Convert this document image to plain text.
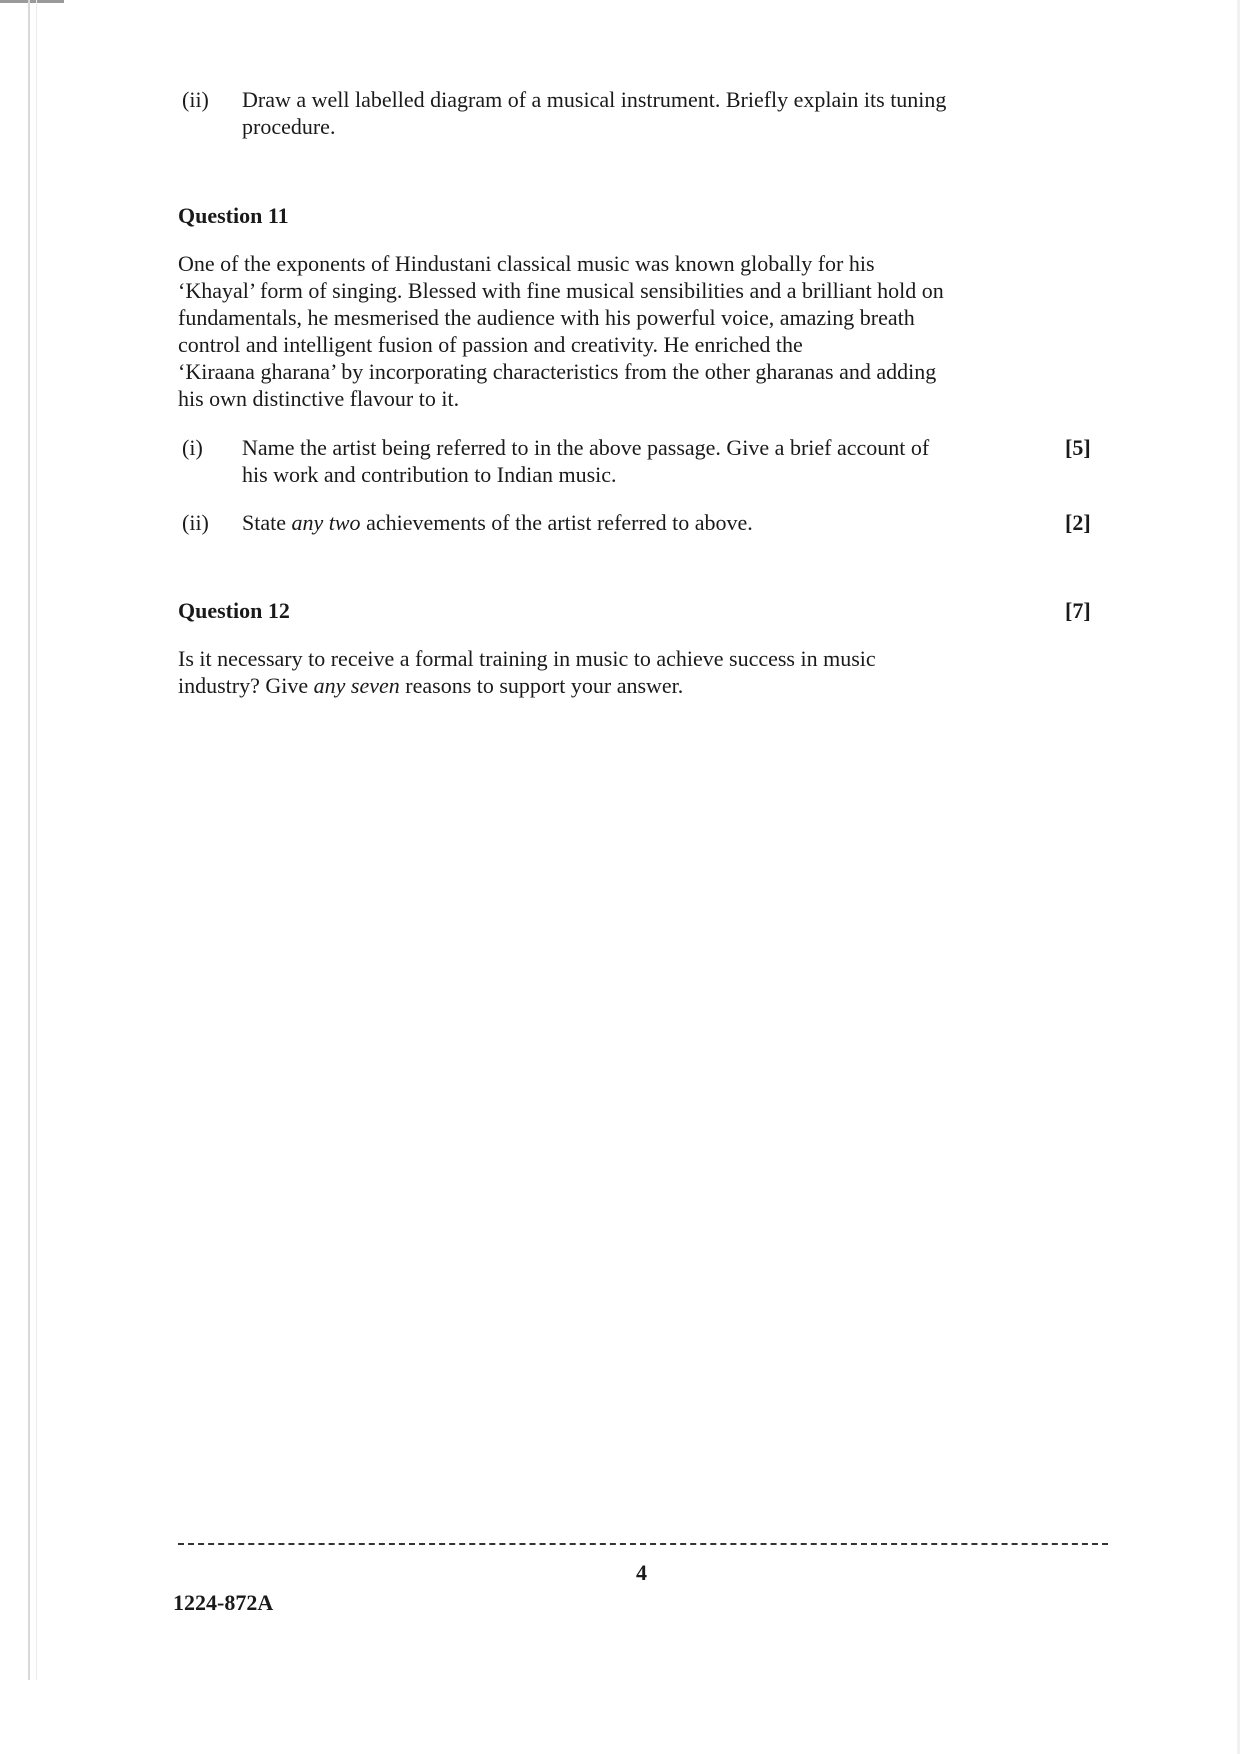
(ii)	Draw a well labelled diagram of a musical instrument. Briefly explain its tuning
procedure.
Question 11
One of the exponents of Hindustani classical music was known globally for his
‘Khayal’ form of singing. Blessed with fine musical sensibilities and a brilliant hold on
fundamentals, he mesmerised the audience with his powerful voice, amazing breath
control and intelligent fusion of passion and creativity. He enriched the
‘Kiraana gharana’ by incorporating characteristics from the other gharanas and adding
his own distinctive flavour to it.
(i)	Name the artist being referred to in the above passage. Give a brief account of
his work and contribution to Indian music.
[5]
(ii)	State any two achievements of the artist referred to above.	[2]
Question 12	[7]
Is it necessary to receive a formal training in music to achieve success in music
industry? Give any seven reasons to support your answer.
4
1224-872A
